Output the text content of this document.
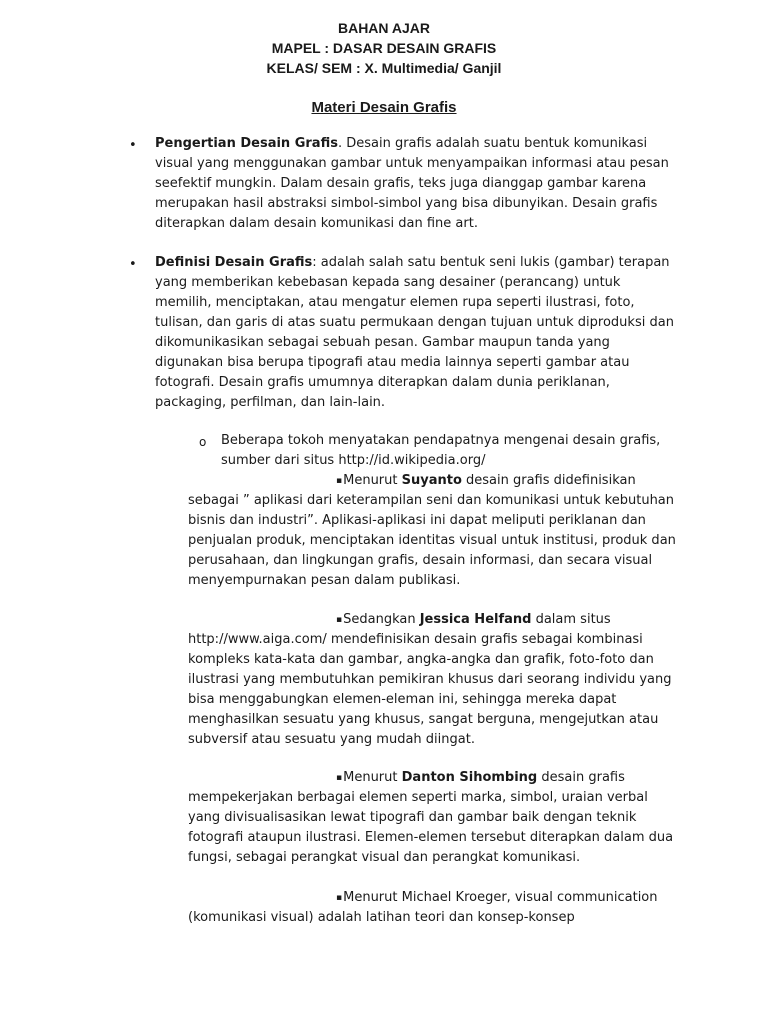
BAHAN AJAR
MAPEL : DASAR DESAIN GRAFIS
KELAS/ SEM : X. Multimedia/ Ganjil
Materi Desain Grafis
• Pengertian Desain Grafis. Desain grafis adalah suatu bentuk komunikasi visual yang menggunakan gambar untuk menyampaikan informasi atau pesan seefektif mungkin. Dalam desain grafis, teks juga dianggap gambar karena merupakan hasil abstraksi simbol-simbol yang bisa dibunyikan. Desain grafis diterapkan dalam desain komunikasi dan fine art.
• Definisi Desain Grafis: adalah salah satu bentuk seni lukis (gambar) terapan yang memberikan kebebasan kepada sang desainer (perancang) untuk memilih, menciptakan, atau mengatur elemen rupa seperti ilustrasi, foto, tulisan, dan garis di atas suatu permukaan dengan tujuan untuk diproduksi dan dikomunikasikan sebagai sebuah pesan. Gambar maupun tanda yang digunakan bisa berupa tipografi atau media lainnya seperti gambar atau fotografi. Desain grafis umumnya diterapkan dalam dunia periklanan, packaging, perfilman, dan lain-lain.
o Beberapa tokoh menyatakan pendapatnya mengenai desain grafis, sumber dari situs http://id.wikipedia.org/
▪Menurut Suyanto desain grafis didefinisikan sebagai ” aplikasi dari keterampilan seni dan komunikasi untuk kebutuhan bisnis dan industri”. Aplikasi-aplikasi ini dapat meliputi periklanan dan penjualan produk, menciptakan identitas visual untuk institusi, produk dan perusahaan, dan lingkungan grafis, desain informasi, dan secara visual menyempurnakan pesan dalam publikasi.
▪Sedangkan Jessica Helfand dalam situs http://www.aiga.com/ mendefinisikan desain grafis sebagai kombinasi kompleks kata-kata dan gambar, angka-angka dan grafik, foto-foto dan ilustrasi yang membutuhkan pemikiran khusus dari seorang individu yang bisa menggabungkan elemen-eleman ini, sehingga mereka dapat menghasilkan sesuatu yang khusus, sangat berguna, mengejutkan atau subversif atau sesuatu yang mudah diingat.
▪Menurut Danton Sihombing desain grafis mempekerjakan berbagai elemen seperti marka, simbol, uraian verbal yang divisualisasikan lewat tipografi dan gambar baik dengan teknik fotografi ataupun ilustrasi. Elemen-elemen tersebut diterapkan dalam dua fungsi, sebagai perangkat visual dan perangkat komunikasi.
▪Menurut Michael Kroeger, visual communication (komunikasi visual) adalah latihan teori dan konsep-konsep
